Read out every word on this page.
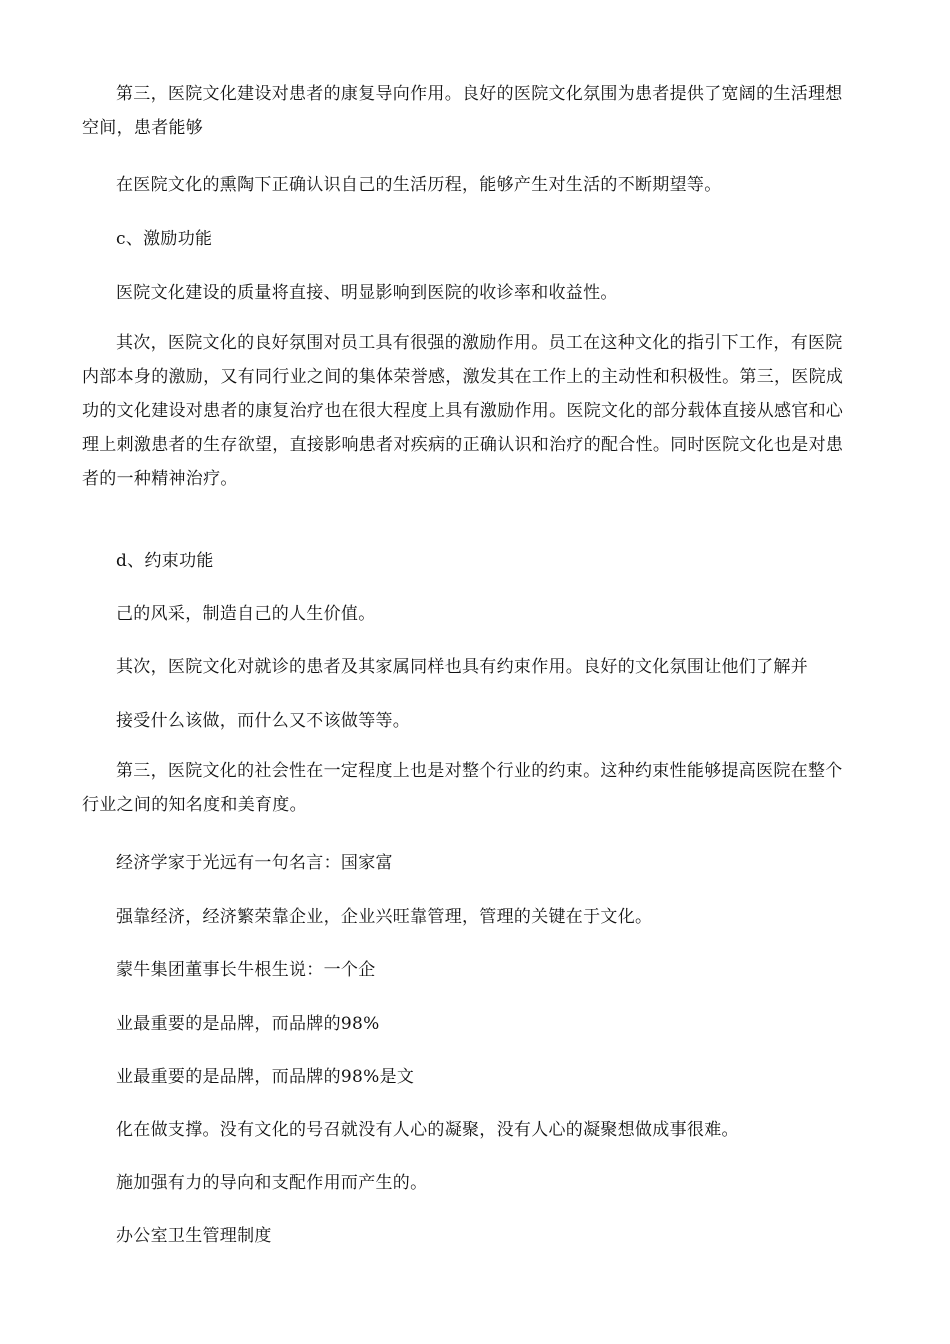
第三，医院文化建设对患者的康复导向作用。良好的医院文化氛围为患者提供了宽阔的生活理想空间，患者能够

在医院文化的熏陶下正确认识自己的生活历程，能够产生对生活的不断期望等。

c、激励功能

医院文化建设的质量将直接、明显影响到医院的收诊率和收益性。

其次，医院文化的良好氛围对员工具有很强的激励作用。员工在这种文化的指引下工作，有医院内部本身的激励，又有同行业之间的集体荣誉感，激发其在工作上的主动性和积极性。第三，医院成功的文化建设对患者的康复治疗也在很大程度上具有激励作用。医院文化的部分载体直接从感官和心理上刺激患者的生存欲望，直接影响患者对疾病的正确认识和治疗的配合性。同时医院文化也是对患者的一种精神治疗。

d、约束功能

己的风采，制造自己的人生价值。

其次，医院文化对就诊的患者及其家属同样也具有约束作用。良好的文化氛围让他们了解并

接受什么该做，而什么又不该做等等。

第三，医院文化的社会性在一定程度上也是对整个行业的约束。这种约束性能够提高医院在整个行业之间的知名度和美育度。

经济学家于光远有一句名言：国家富

强靠经济，经济繁荣靠企业，企业兴旺靠管理，管理的关键在于文化。

蒙牛集团董事长牛根生说：一个企

业最重要的是品牌，而品牌的98%

业最重要的是品牌，而品牌的98%是文

化在做支撑。没有文化的号召就没有人心的凝聚，没有人心的凝聚想做成事很难。

施加强有力的导向和支配作用而产生的。

办公室卫生管理制度
